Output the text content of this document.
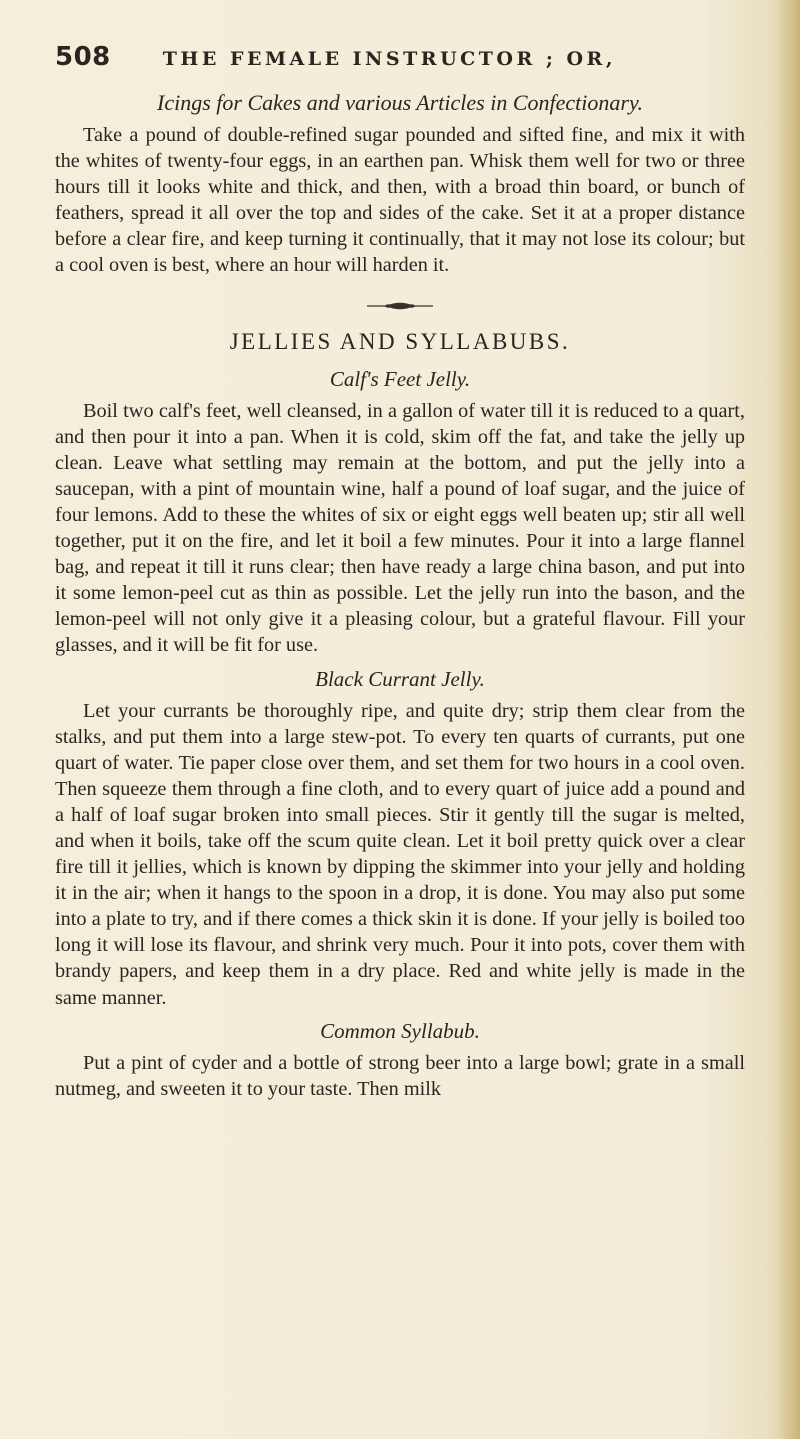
508	THE FEMALE INSTRUCTOR ; OR,
Icings for Cakes and various Articles in Confectionary.

Take a pound of double-refined sugar pounded and sifted fine, and mix it with the whites of twenty-four eggs, in an earthen pan. Whisk them well for two or three hours till it looks white and thick, and then, with a broad thin board, or bunch of feathers, spread it all over the top and sides of the cake. Set it at a proper distance before a clear fire, and keep turning it continually, that it may not lose its colour; but a cool oven is best, where an hour will harden it.

JELLIES AND SYLLABUBS.
Calf's Feet Jelly.

Boil two calf's feet, well cleansed, in a gallon of water till it is reduced to a quart, and then pour it into a pan. When it is cold, skim off the fat, and take the jelly up clean. Leave what settling may remain at the bottom, and put the jelly into a saucepan, with a pint of mountain wine, half a pound of loaf sugar, and the juice of four lemons. Add to these the whites of six or eight eggs well beaten up; stir all well together, put it on the fire, and let it boil a few minutes. Pour it into a large flannel bag, and repeat it till it runs clear; then have ready a large china bason, and put into it some lemon-peel cut as thin as possible. Let the jelly run into the bason, and the lemon-peel will not only give it a pleasing colour, but a grateful flavour. Fill your glasses, and it will be fit for use.

Black Currant Jelly.

Let your currants be thoroughly ripe, and quite dry; strip them clear from the stalks, and put them into a large stew-pot. To every ten quarts of currants, put one quart of water. Tie paper close over them, and set them for two hours in a cool oven. Then squeeze them through a fine cloth, and to every quart of juice add a pound and a half of loaf sugar broken into small pieces. Stir it gently till the sugar is melted, and when it boils, take off the scum quite clean. Let it boil pretty quick over a clear fire till it jellies, which is known by dipping the skimmer into your jelly and holding it in the air; when it hangs to the spoon in a drop, it is done. You may also put some into a plate to try, and if there comes a thick skin it is done. If your jelly is boiled too long it will lose its flavour, and shrink very much. Pour it into pots, cover them with brandy papers, and keep them in a dry place. Red and white jelly is made in the same manner.

Common Syllabub.

Put a pint of cyder and a bottle of strong beer into a large bowl; grate in a small nutmeg, and sweeten it to your taste. Then milk
